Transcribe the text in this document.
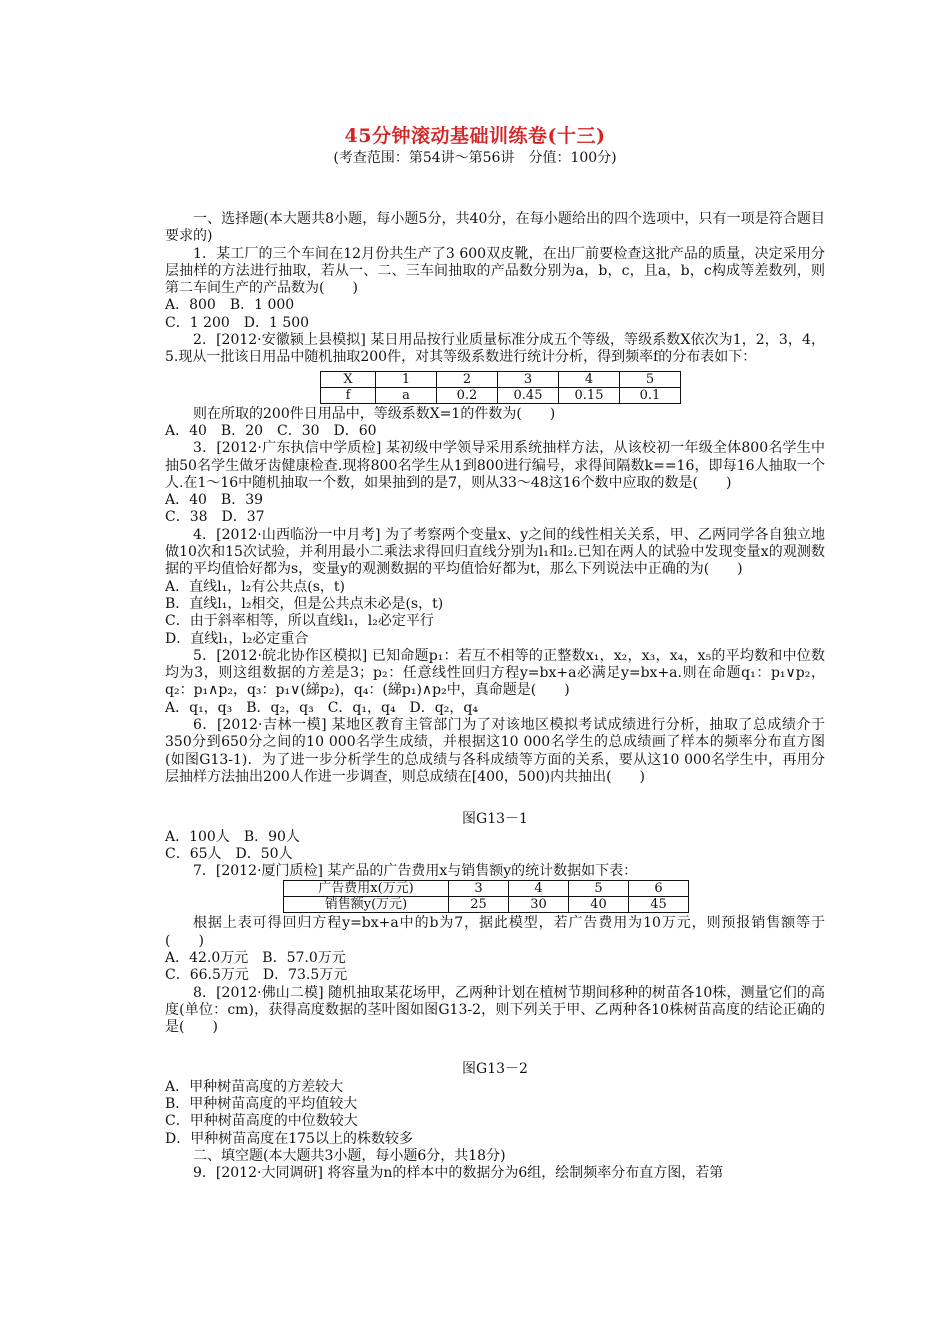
45分钟滚动基础训练卷(十三)
(考查范围：第54讲～第56讲　分值：100分)

一、选择题(本大题共8小题，每小题5分，共40分，在每小题给出的四个选项中，只有一项是符合题目要求的)

1．某工厂的三个车间在12月份共生产了3 600双皮靴，在出厂前要检查这批产品的质量，决定采用分层抽样的方法进行抽取，若从一、二、三车间抽取的产品数分别为a，b，c，且a，b，c构成等差数列，则第二车间生产的产品数为(　　)

A．800　B．1 000

C．1 200　D．1 500

2．[2012·安徽颍上县模拟] 某日用品按行业质量标准分成五个等级，等级系数X依次为1，2，3，4，5.现从一批该日用品中随机抽取200件，对其等级系数进行统计分析，得到频率f的分布表如下：

X	1	2	3	4	5
f	a	0.2	0.45	0.15	0.1

则在所取的200件日用品中，等级系数X=1的件数为(　　)

A．40　B．20　C．30　D．60

3．[2012·广东执信中学质检] 某初级中学领导采用系统抽样方法，从该校初一年级全体800名学生中抽50名学生做牙齿健康检查.现将800名学生从1到800进行编号，求得间隔数k==16，即每16人抽取一个人.在1～16中随机抽取一个数，如果抽到的是7，则从33～48这16个数中应取的数是(　　)

A．40　B．39

C．38　D．37

4．[2012·山西临汾一中月考] 为了考察两个变量x、y之间的线性相关关系，甲、乙两同学各自独立地做10次和15次试验，并利用最小二乘法求得回归直线分别为l₁和l₂.已知在两人的试验中发现变量x的观测数据的平均值恰好都为s，变量y的观测数据的平均值恰好都为t，那么下列说法中正确的为(　　)

A．直线l₁，l₂有公共点(s，t)

B．直线l₁，l₂相交，但是公共点未必是(s，t)

C．由于斜率相等，所以直线l₁，l₂必定平行

D．直线l₁，l₂必定重合

5．[2012·皖北协作区模拟] 已知命题p₁：若互不相等的正整数x₁，x₂，x₃，x₄，x₅的平均数和中位数均为3，则这组数据的方差是3；p₂：任意线性回归方程y=bx+a必满足y=bx+a.则在命题q₁：p₁∨p₂，q₂：p₁∧p₂，q₃：p₁∨(綈p₂)，q₄：(綈p₁)∧p₂中，真命题是(　　)

A．q₁，q₃　B．q₂，q₃　C．q₁，q₄　D．q₂，q₄

6．[2012·吉林一模] 某地区教育主管部门为了对该地区模拟考试成绩进行分析，抽取了总成绩介于350分到650分之间的10 000名学生成绩，并根据这10 000名学生的总成绩画了样本的频率分布直方图(如图G13-1)．为了进一步分析学生的总成绩与各科成绩等方面的关系，要从这10 000名学生中，再用分层抽样方法抽出200人作进一步调查，则总成绩在[400，500)内共抽出(　　)

图G13－1

A．100人　B．90人

C．65人　D．50人

7．[2012·厦门质检] 某产品的广告费用x与销售额y的统计数据如下表：

广告费用x(万元)	3	4	5	6
销售额y(万元)	25	30	40	45

根据上表可得回归方程y=bx+a中的b为7，据此模型，若广告费用为10万元，则预报销售额等于(　　)

A．42.0万元　B．57.0万元

C．66.5万元　D．73.5万元

8．[2012·佛山二模] 随机抽取某花场甲，乙两种计划在植树节期间移种的树苗各10株，测量它们的高度(单位：cm)，获得高度数据的茎叶图如图G13-2，则下列关于甲、乙两种各10株树苗高度的结论正确的是(　　)

图G13－2

A．甲种树苗高度的方差较大

B．甲种树苗高度的平均值较大

C．甲种树苗高度的中位数较大

D．甲种树苗高度在175以上的株数较多

二、填空题(本大题共3小题，每小题6分，共18分)

9．[2012·大同调研] 将容量为n的样本中的数据分为6组，绘制频率分布直方图，若第
